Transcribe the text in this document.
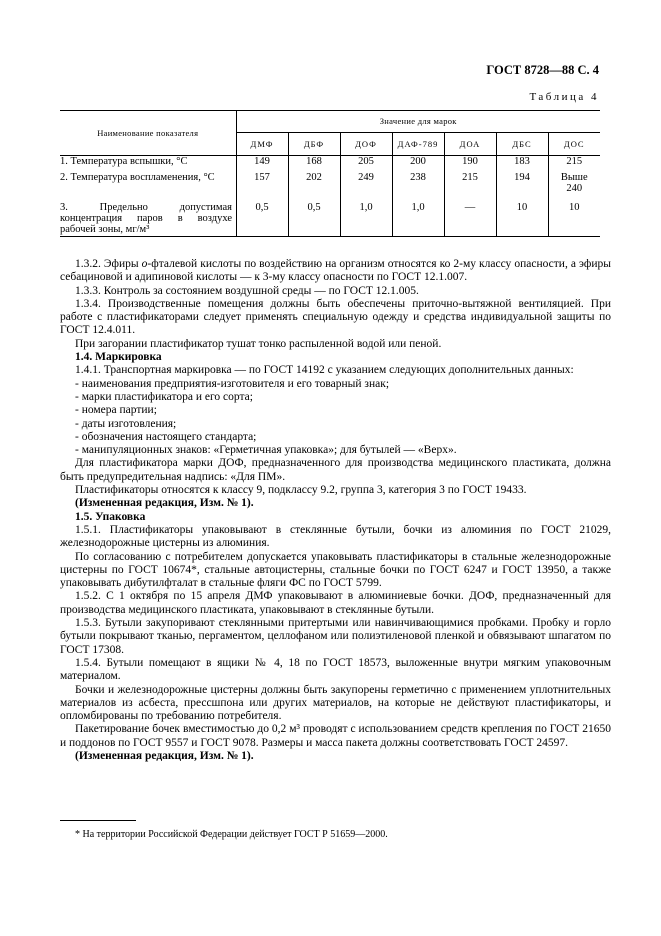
ГОСТ 8728—88 С. 4
Таблица 4
Наименование показателя	Значение для марок						
	ДМФ	ДБФ	ДОФ	ДАФ-789	ДОА	ДБС	ДОС
1. Температура вспышки, °С	149	168	205	200	190	183	215
2. Температура воспламенения, °С	157	202	249	238	215	194	Выше 240
3. Предельно допустимая концентрация паров в воздухе рабочей зоны, мг/м³	0,5	0,5	1,0	1,0	—	10	10

1.3.2. Эфиры о-фталевой кислоты по воздействию на организм относятся ко 2-му классу опасности, а эфиры себациновой и адипиновой кислоты — к 3-му классу опасности по ГОСТ 12.1.007.

1.3.3. Контроль за состоянием воздушной среды — по ГОСТ 12.1.005.

1.3.4. Производственные помещения должны быть обеспечены приточно-вытяжной вентиляцией. При работе с пластификаторами следует применять специальную одежду и средства индивидуальной защиты по ГОСТ 12.4.011.

При загорании пластификатор тушат тонко распыленной водой или пеной.

1.4. Маркировка

1.4.1. Транспортная маркировка — по ГОСТ 14192 с указанием следующих дополнительных данных:

- наименования предприятия-изготовителя и его товарный знак;

- марки пластификатора и его сорта;

- номера партии;

- даты изготовления;

- обозначения настоящего стандарта;

- манипуляционных знаков: «Герметичная упаковка»; для бутылей — «Верх».

Для пластификатора марки ДОФ, предназначенного для производства медицинского пластиката, должна быть предупредительная надпись: «Для ПМ».

Пластификаторы относятся к классу 9, подклассу 9.2, группа 3, категория 3 по ГОСТ 19433.

(Измененная редакция, Изм. № 1).

1.5. Упаковка

1.5.1. Пластификаторы упаковывают в стеклянные бутыли, бочки из алюминия по ГОСТ 21029, железнодорожные цистерны из алюминия.

По согласованию с потребителем допускается упаковывать пластификаторы в стальные железнодорожные цистерны по ГОСТ 10674*, стальные автоцистерны, стальные бочки по ГОСТ 6247 и ГОСТ 13950, а также упаковывать дибутилфталат в стальные фляги ФС по ГОСТ 5799.

1.5.2. С 1 октября по 15 апреля ДМФ упаковывают в алюминиевые бочки. ДОФ, предназначенный для производства медицинского пластиката, упаковывают в стеклянные бутыли.

1.5.3. Бутыли закупоривают стеклянными притертыми или навинчивающимися пробками. Пробку и горло бутыли покрывают тканью, пергаментом, целлофаном или полиэтиленовой пленкой и обвязывают шпагатом по ГОСТ 17308.

1.5.4. Бутыли помещают в ящики № 4, 18 по ГОСТ 18573, выложенные внутри мягким упаковочным материалом.

Бочки и железнодорожные цистерны должны быть закупорены герметично с применением уплотнительных материалов из асбеста, прессшпона или других материалов, на которые не действуют пластификаторы, и опломбированы по требованию потребителя.

Пакетирование бочек вместимостью до 0,2 м³ проводят с использованием средств крепления по ГОСТ 21650 и поддонов по ГОСТ 9557 и ГОСТ 9078. Размеры и масса пакета должны соответствовать ГОСТ 24597.

(Измененная редакция, Изм. № 1).

* На территории Российской Федерации действует ГОСТ Р 51659—2000.
